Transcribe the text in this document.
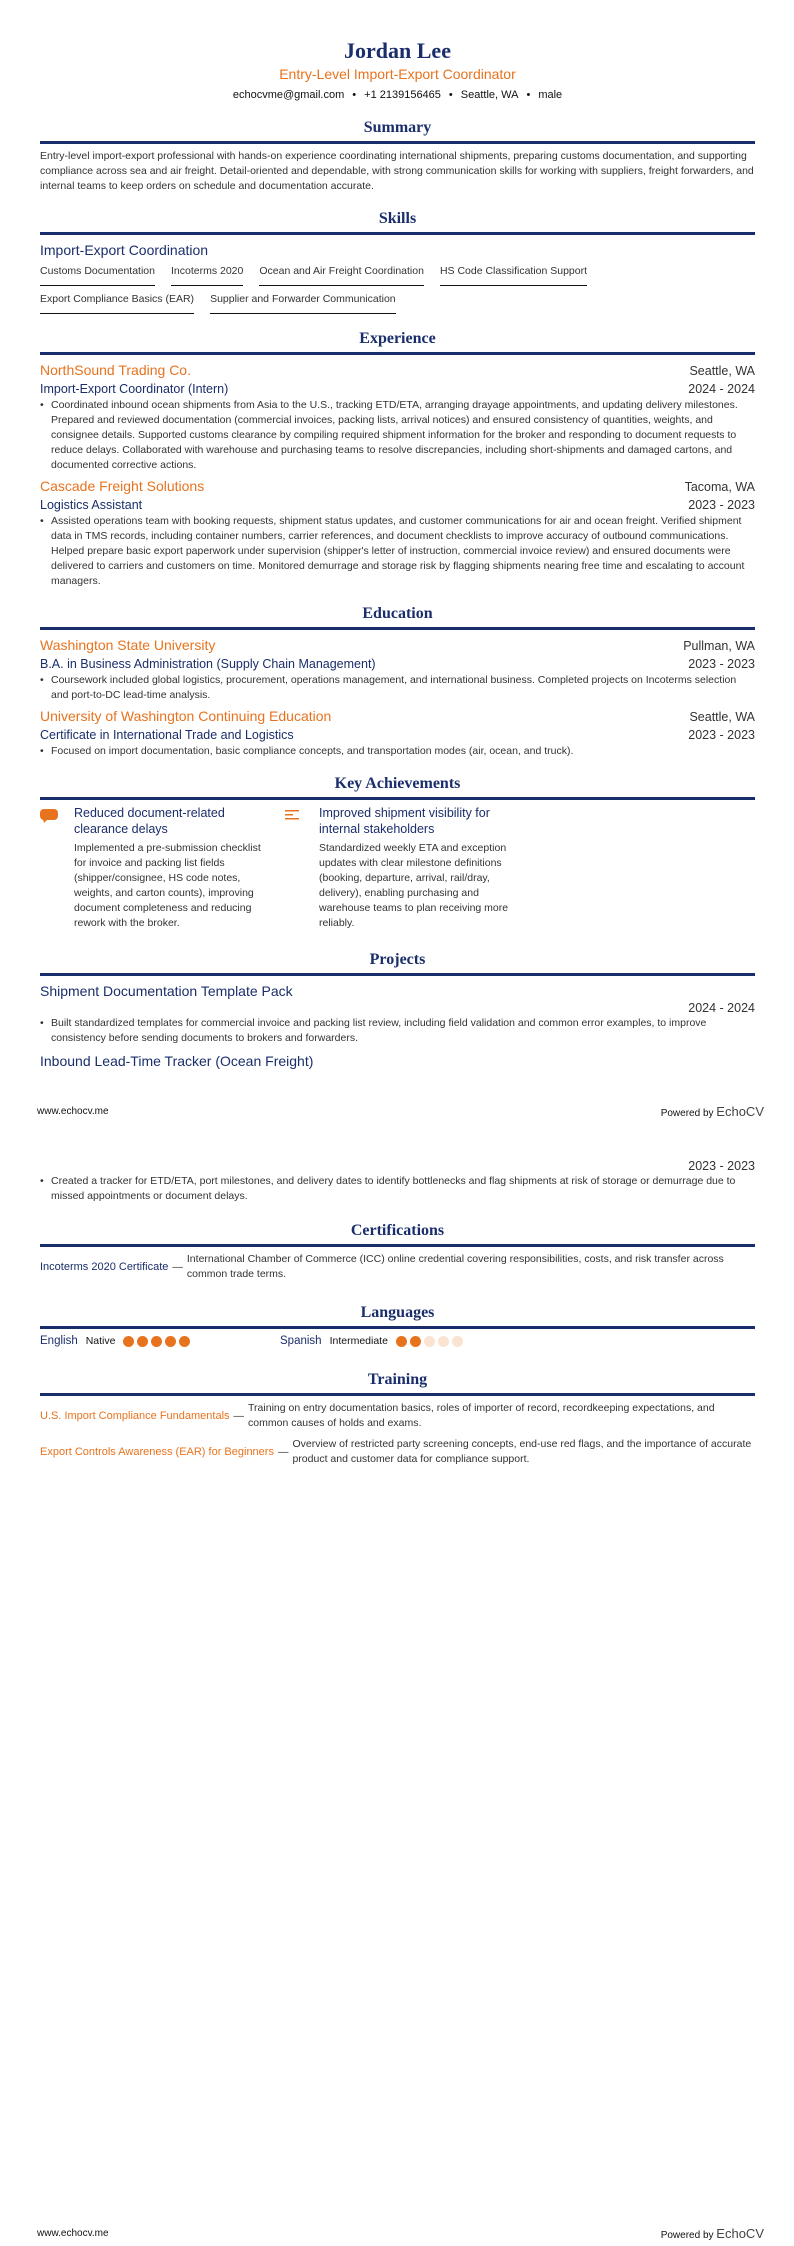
Jordan Lee
Entry-Level Import-Export Coordinator
echocvme@gmail.com • +1 2139156465 • Seattle, WA • male
Summary

Entry-level import-export professional with hands-on experience coordinating international shipments, preparing customs documentation, and supporting compliance across sea and air freight. Detail-oriented and dependable, with strong communication skills for working with suppliers, freight forwarders, and internal teams to keep orders on schedule and documentation accurate.

Skills
Import-Export Coordination
Customs Documentation Incoterms 2020 Ocean and Air Freight Coordination HS Code Classification Support
Export Compliance Basics (EAR) Supplier and Forwarder Communication
Experience
NorthSound Trading Co.	Seattle, WA
Import-Export Coordinator (Intern)	2024 - 2024
• Coordinated inbound ocean shipments from Asia to the U.S., tracking ETD/ETA, arranging drayage appointments, and updating delivery milestones. Prepared and reviewed documentation (commercial invoices, packing lists, arrival notices) and ensured consistency of quantities, weights, and consignee details. Supported customs clearance by compiling required shipment information for the broker and responding to document requests to reduce delays. Collaborated with warehouse and purchasing teams to resolve discrepancies, including short-shipments and damaged cartons, and documented corrective actions.
Cascade Freight Solutions	Tacoma, WA
Logistics Assistant	2023 - 2023
• Assisted operations team with booking requests, shipment status updates, and customer communications for air and ocean freight. Verified shipment data in TMS records, including container numbers, carrier references, and document checklists to improve accuracy of outbound communications. Helped prepare basic export paperwork under supervision (shipper's letter of instruction, commercial invoice review) and ensured documents were delivered to carriers and customers on time. Monitored demurrage and storage risk by flagging shipments nearing free time and escalating to account managers.
Education
Washington State University	Pullman, WA
B.A. in Business Administration (Supply Chain Management)	2023 - 2023
• Coursework included global logistics, procurement, operations management, and international business. Completed projects on Incoterms selection and port-to-DC lead-time analysis.
University of Washington Continuing Education	Seattle, WA
Certificate in International Trade and Logistics	2023 - 2023
• Focused on import documentation, basic compliance concepts, and transportation modes (air, ocean, and truck).
Key Achievements
Reduced document-related clearance delays
Implemented a pre-submission checklist for invoice and packing list fields (shipper/consignee, HS code notes, weights, and carton counts), improving document completeness and reducing rework with the broker.
Improved shipment visibility for internal stakeholders
Standardized weekly ETA and exception updates with clear milestone definitions (booking, departure, arrival, rail/dray, delivery), enabling purchasing and warehouse teams to plan receiving more reliably.
Projects
Shipment Documentation Template Pack
2024 - 2024
• Built standardized templates for commercial invoice and packing list review, including field validation and common error examples, to improve consistency before sending documents to brokers and forwarders.
Inbound Lead-Time Tracker (Ocean Freight)
2023 - 2023
• Created a tracker for ETD/ETA, port milestones, and delivery dates to identify bottlenecks and flag shipments at risk of storage or demurrage due to missed appointments or document delays.
Certifications
Incoterms 2020 Certificate —
International Chamber of Commerce (ICC) online credential covering responsibilities, costs, and risk transfer across common trade terms.
Languages
English Native	Spanish Intermediate
Training
U.S. Import Compliance Fundamentals —
Training on entry documentation basics, roles of importer of record, recordkeeping expectations, and common causes of holds and exams.
Export Controls Awareness (EAR) for Beginners —
Overview of restricted party screening concepts, end-use red flags, and the importance of accurate product and customer data for compliance support.
www.echocv.me	Powered by EchoCV
www.echocv.me	Powered by EchoCV
